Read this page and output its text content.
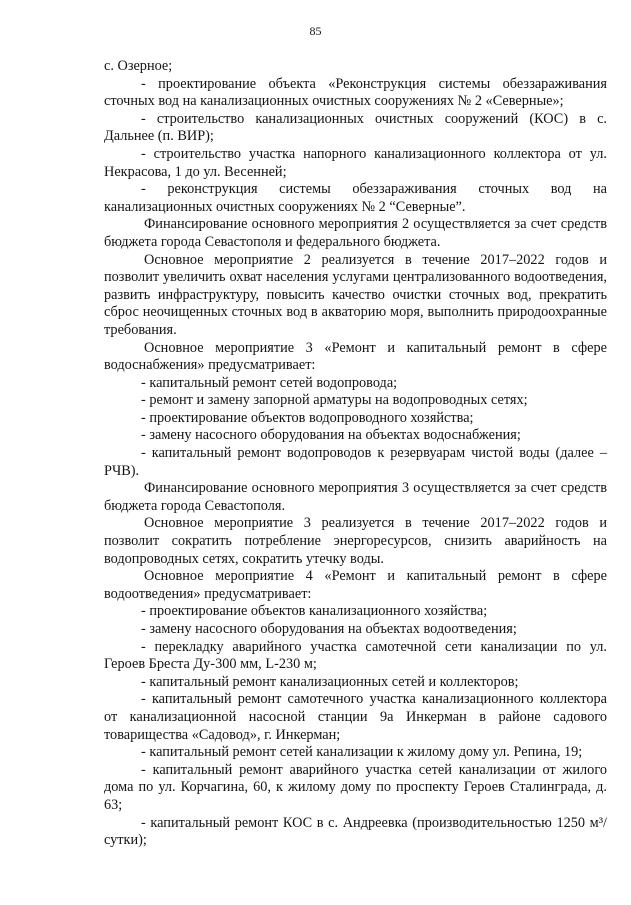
85

с. Озерное;

- проектирование объекта «Реконструкция системы обеззараживания сточных вод на канализационных очистных сооружениях № 2 «Северные»;

- строительство канализационных очистных сооружений (КОС) в с. Дальнее (п. ВИР);

- строительство участка напорного канализационного коллектора от ул. Некрасова, 1 до ул. Весенней;

- реконструкция системы обеззараживания сточных вод на канализационных очистных сооружениях № 2 “Северные”.

Финансирование основного мероприятия 2 осуществляется за счет средств бюджета города Севастополя и федерального бюджета.

Основное мероприятие 2 реализуется в течение 2017–2022 годов и позволит увеличить охват населения услугами централизованного водоотведения, развить инфраструктуру, повысить качество очистки сточных вод, прекратить сброс неочищенных сточных вод в акваторию моря, выполнить природоохранные требования.

Основное мероприятие 3 «Ремонт и капитальный ремонт в сфере водоснабжения» предусматривает:

- капитальный ремонт сетей водопровода;

- ремонт и замену запорной арматуры на водопроводных сетях;

- проектирование объектов водопроводного хозяйства;

- замену насосного оборудования на объектах водоснабжения;

- капитальный ремонт водопроводов к резервуарам чистой воды (далее – РЧВ).

Финансирование основного мероприятия 3 осуществляется за счет средств бюджета города Севастополя.

Основное мероприятие 3 реализуется в течение 2017–2022 годов и позволит сократить потребление энергоресурсов, снизить аварийность на водопроводных сетях, сократить утечку воды.

Основное мероприятие 4 «Ремонт и капитальный ремонт в сфере водоотведения» предусматривает:

- проектирование объектов канализационного хозяйства;

- замену насосного оборудования на объектах водоотведения;

- перекладку аварийного участка самотечной сети канализации по ул. Героев Бреста Ду-300 мм, L-230 м;

- капитальный ремонт канализационных сетей и коллекторов;

- капитальный ремонт самотечного участка канализационного коллектора от канализационной насосной станции 9а Инкерман в районе садового товарищества «Садовод», г. Инкерман;

- капитальный ремонт сетей канализации к жилому дому ул. Репина, 19;

- капитальный ремонт аварийного участка сетей канализации от жилого дома по ул. Корчагина, 60, к жилому дому по проспекту Героев Сталинграда, д. 63;

- капитальный ремонт КОС в с. Андреевка (производительностью 1250 м³/сутки);
